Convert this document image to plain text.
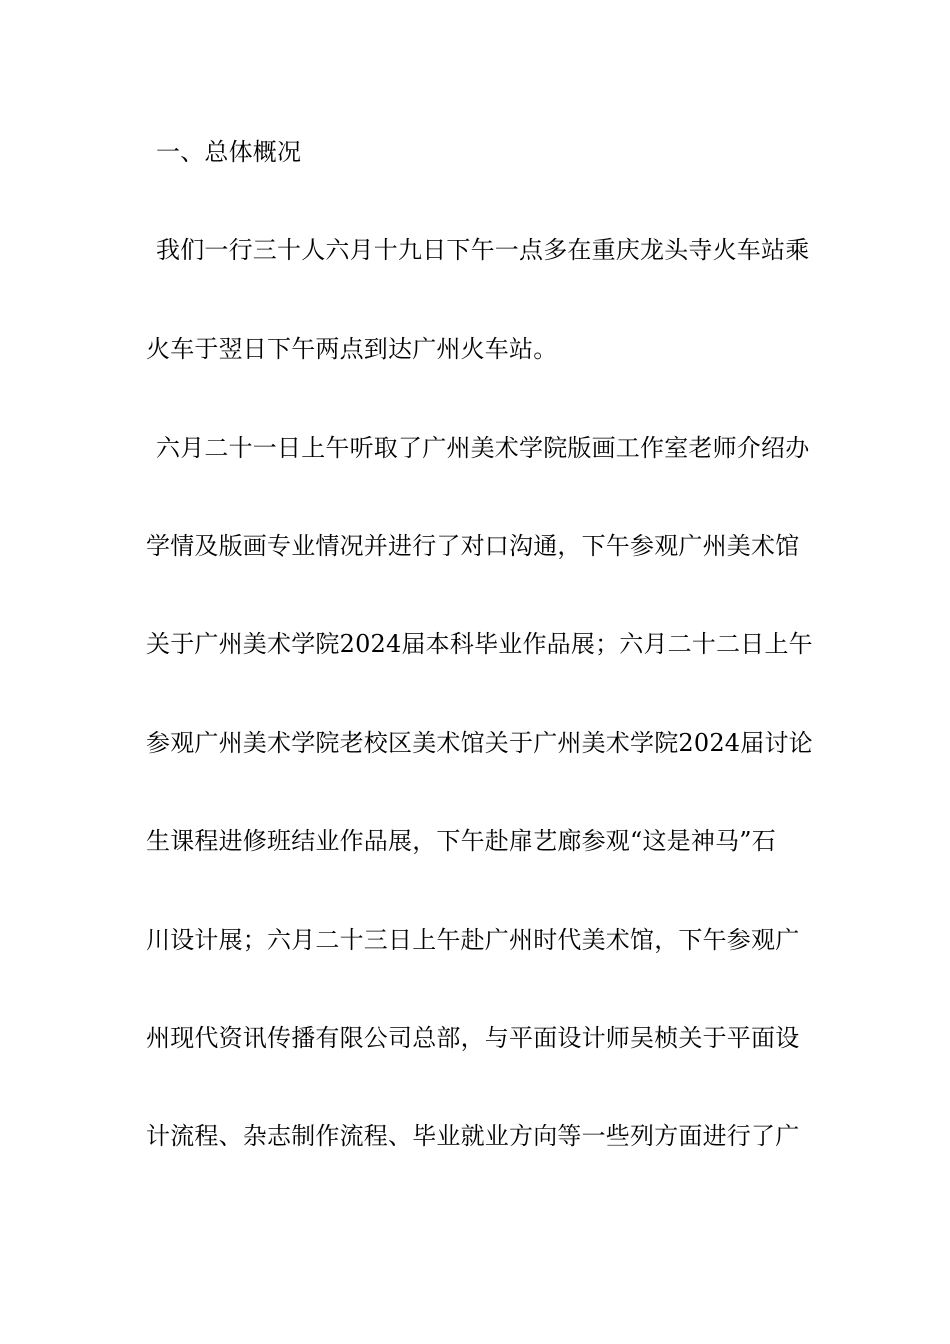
一、总体概况
我们一行三十人六月十九日下午一点多在重庆龙头寺火车站乘
火车于翌日下午两点到达广州火车站。
六月二十一日上午听取了广州美术学院版画工作室老师介绍办
学情及版画专业情况并进行了对口沟通，下午参观广州美术馆
关于广州美术学院2024届本科毕业作品展；六月二十二日上午
参观广州美术学院老校区美术馆关于广州美术学院2024届讨论
生课程进修班结业作品展，下午赴扉艺廊参观“这是神马”石
川设计展；六月二十三日上午赴广州时代美术馆，下午参观广
州现代资讯传播有限公司总部，与平面设计师吴桢关于平面设
计流程、杂志制作流程、毕业就业方向等一些列方面进行了广
